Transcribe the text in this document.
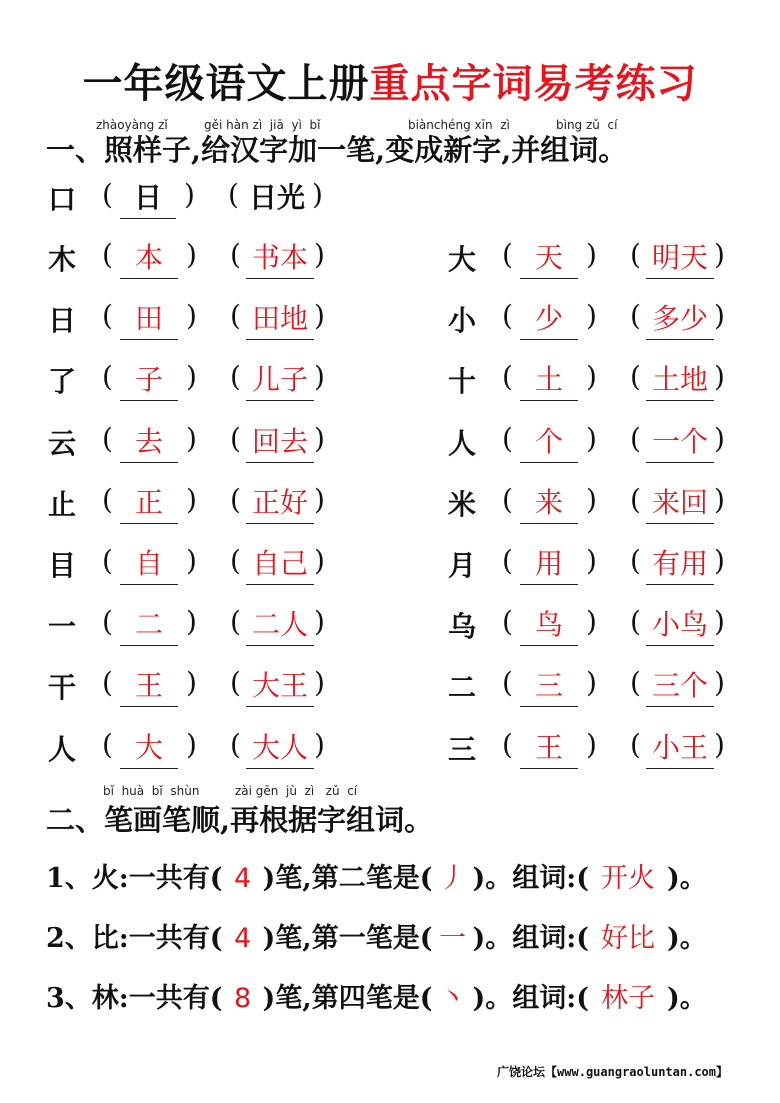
一年级语文上册重点字词易考练习
zhàoyàng zǐ	gěi hàn zì  jiā  yì  bǐ	biànchéng xīn  zì	bìng zǔ  cí
一、照样子,给汉字加一笔,变成新字,并组词。
口 ( 日 ) ( 日光 )
木 ( 本 ) ( 书本 )
日 ( 田 ) ( 田地 )
了 ( 子 ) ( 儿子 )
云 ( 去 ) ( 回去 )
止 ( 正 ) ( 正好 )
目 ( 自 ) ( 自己 )
一 ( 二 ) ( 二人 )
干 ( 王 ) ( 大王 )
人 ( 大 ) ( 大人 )
大 ( 天 ) ( 明天 )
小 ( 少 ) ( 多少 )
十 ( 土 ) ( 土地 )
人 ( 个 ) ( 一个 )
米 ( 来 ) ( 来回 )
月 ( 用 ) ( 有用 )
乌 ( 鸟 ) ( 小鸟 )
二 ( 三 ) ( 三个 )
三 ( 王 ) ( 小王 )
bǐ  huà  bǐ  shùn	zài gēn  jù  zì   zǔ  cí
二、笔画笔顺,再根据字组词。
1、火:一共有( 4 )笔,第二笔是( 丿 )。组词:( 开火 )。
2、比:一共有( 4 )笔,第一笔是( 一 )。组词:( 好比 )。
3、林:一共有( 8 )笔,第四笔是( 丶 )。组词:( 林子 )。
广饶论坛【www.guangraoluntan.com】
